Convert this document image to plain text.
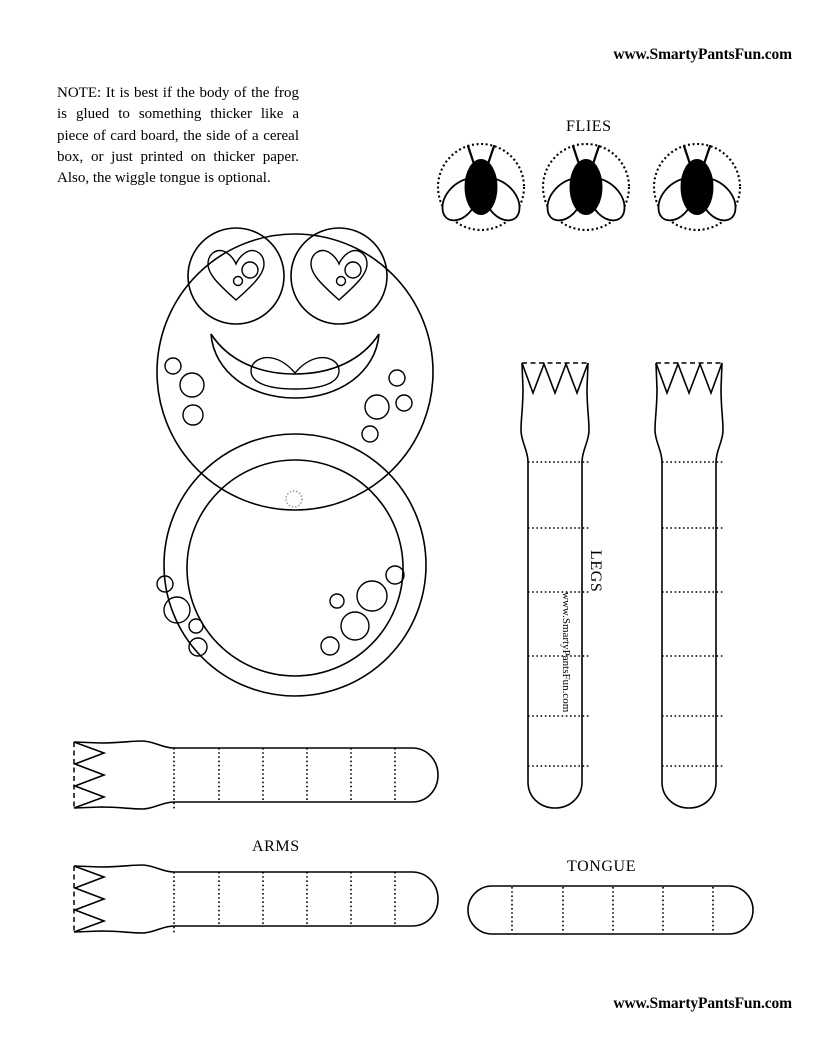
www.SmartyPantsFun.com
NOTE: It is best if the body of the frog is glued to something thicker like a piece of card board, the side of a cereal box, or just printed on thicker paper. Also, the wiggle tongue is optional.
FLIES
ARMS
TONGUE
LEGS
www.SmartyPantsFun.com
www.SmartyPantsFun.com
